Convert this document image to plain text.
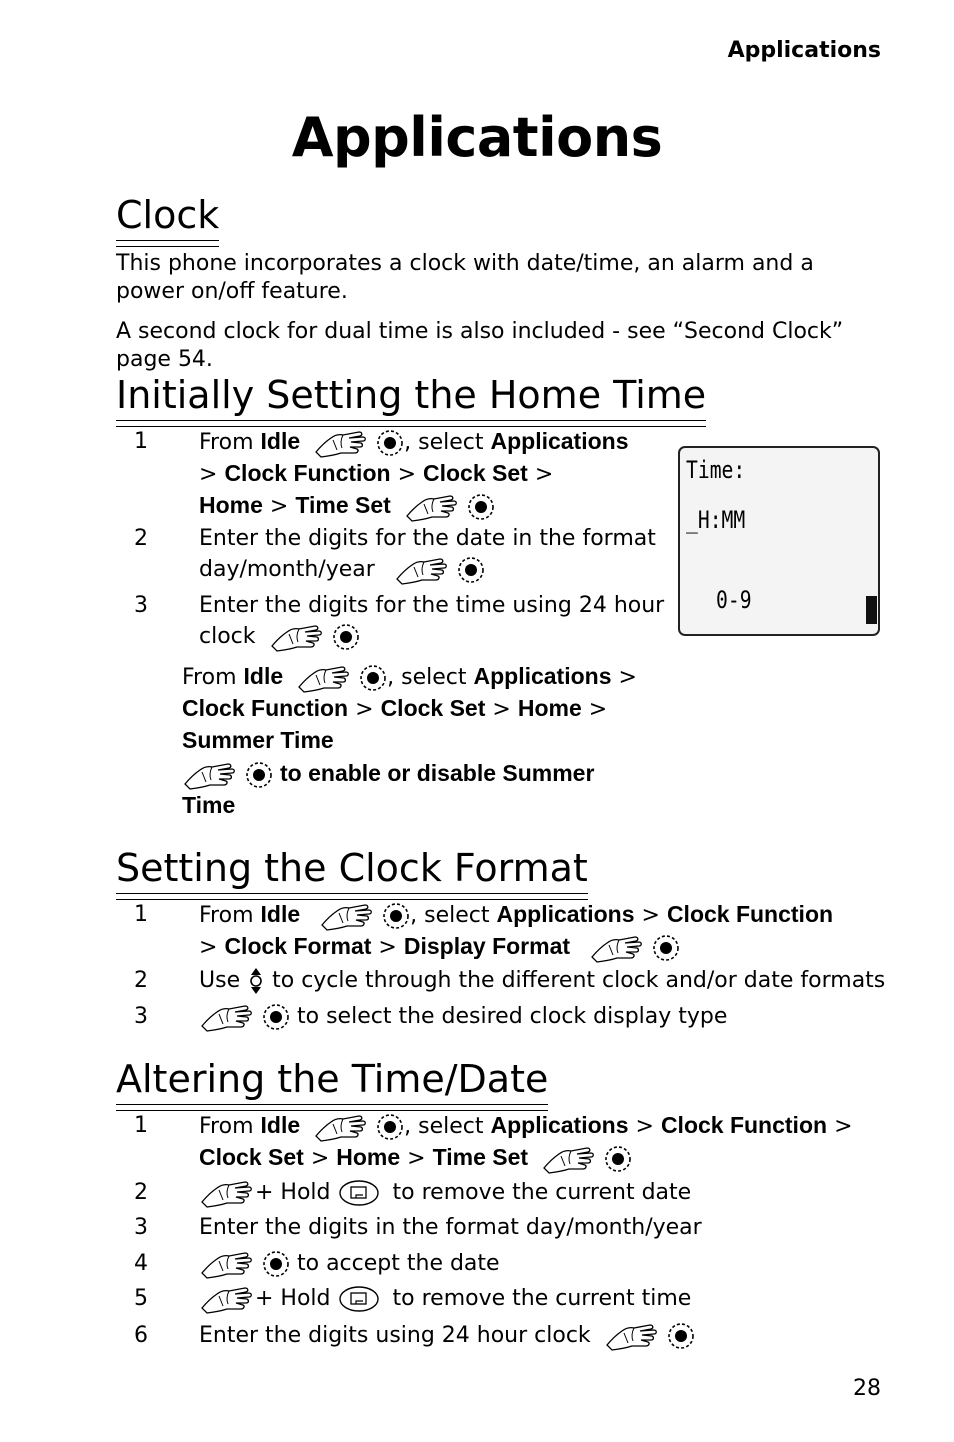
Applications
Applications
Clock
This phone incorporates a clock with date/time, an alarm and a power on/off feature.
A second clock for dual time is also included - see “Second Clock” page 54.
Initially Setting the Home Time
1 From Idle	, select Applications
> Clock Function > Clock Set >
Home > Time Set
2 Enter the digits for the date in the format
day/month/year
3 Enter the digits for the time using 24 hour
clock
From Idle	, select Applications >
Clock Function > Clock Set > Home >
Summer Time
to enable or disable Summer
Time
Time:
_H:MM
0-9
Setting the Clock Format
1 From Idle	, select Applications > Clock Function
> Clock Format > Display Format
2 Use to cycle through the different clock and/or date formats
3	to select the desired clock display type
Altering the Time/Date
1 From Idle	, select Applications > Clock Function >
Clock Set > Home > Time Set
2	+ Hold	to remove the current date
3 Enter the digits in the format day/month/year
4	to accept the date
5	+ Hold	to remove the current time
6 Enter the digits using 24 hour clock
28
